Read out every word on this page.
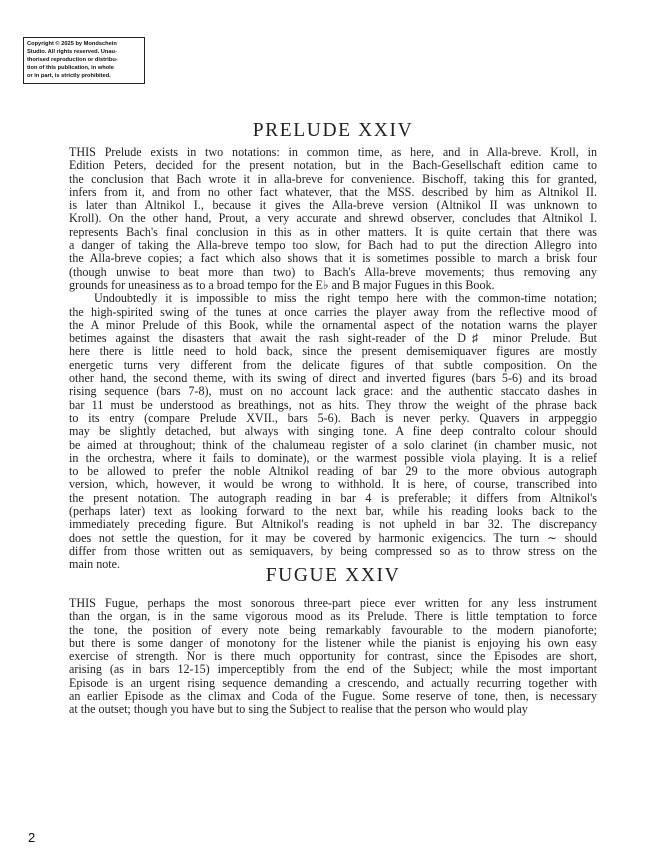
Copyright © 2025 by Mondschein
Studio. All rights reserved. Unau-
thorised reproduction or distribu-
tion of this publication, in whole
or in part, is strictly prohibited.
PRELUDE XXIV
THIS Prelude exists in two notations: in common time, as here, and in Alla-breve. Kroll, in
Edition Peters, decided for the present notation, but in the Bach-Gesellschaft edition came to
the conclusion that Bach wrote it in alla-breve for convenience. Bischoff, taking this for granted,
infers from it, and from no other fact whatever, that the MSS. described by him as Altnikol II.
is later than Altnikol I., because it gives the Alla-breve version (Altnikol II was unknown to
Kroll). On the other hand, Prout, a very accurate and shrewd observer, concludes that Altnikol I.
represents Bach's final conclusion in this as in other matters. It is quite certain that there was
a danger of taking the Alla-breve tempo too slow, for Bach had to put the direction Allegro into
the Alla-breve copies; a fact which also shows that it is sometimes possible to march a brisk four
(though unwise to beat more than two) to Bach's Alla-breve movements; thus removing any
grounds for uneasiness as to a broad tempo for the E♭ and B major Fugues in this Book.
Undoubtedly it is impossible to miss the right tempo here with the common-time notation;
the high-spirited swing of the tunes at once carries the player away from the reflective mood of
the A minor Prelude of this Book, while the ornamental aspect of the notation warns the player
betimes against the disasters that await the rash sight-reader of the D♯ minor Prelude. But
here there is little need to hold back, since the present demisemiquaver figures are mostly
energetic turns very different from the delicate figures of that subtle composition. On the
other hand, the second theme, with its swing of direct and inverted figures (bars 5-6) and its broad
rising sequence (bars 7-8), must on no account lack grace: and the authentic staccato dashes in
bar 11 must be understood as breathings, not as hits. They throw the weight of the phrase back
to its entry (compare Prelude XVII., bars 5-6). Bach is never perky. Quavers in arppeggio
may be slightly detached, but always with singing tone. A fine deep contralto colour should
be aimed at throughout; think of the chalumeau register of a solo clarinet (in chamber music, not
in the orchestra, where it fails to dominate), or the warmest possible viola playing. It is a relief
to be allowed to prefer the noble Altnikol reading of bar 29 to the more obvious autograph
version, which, however, it would be wrong to withhold. It is here, of course, transcribed into
the present notation. The autograph reading in bar 4 is preferable; it differs from Altnikol's
(perhaps later) text as looking forward to the next bar, while his reading looks back to the
immediately preceding figure. But Altnikol's reading is not upheld in bar 32. The discrepancy
does not settle the question, for it may be covered by harmonic exigencics. The turn ∼ should
differ from those written out as semiquavers, by being compressed so as to throw stress on the
main note.
FUGUE XXIV
THIS Fugue, perhaps the most sonorous three-part piece ever written for any less instrument
than the organ, is in the same vigorous mood as its Prelude. There is little temptation to force
the tone, the position of every note being remarkably favourable to the modern pianoforte;
but there is some danger of monotony for the listener while the pianist is enjoying his own easy
exercise of strength. Nor is there much opportunity for contrast, since the Episodes are short,
arising (as in bars 12-15) imperceptibly from the end of the Subject; while the most important
Episode is an urgent rising sequence demanding a crescendo, and actually recurring together with
an earlier Episode as the climax and Coda of the Fugue. Some reserve of tone, then, is necessary
at the outset; though you have but to sing the Subject to realise that the person who would play
2
